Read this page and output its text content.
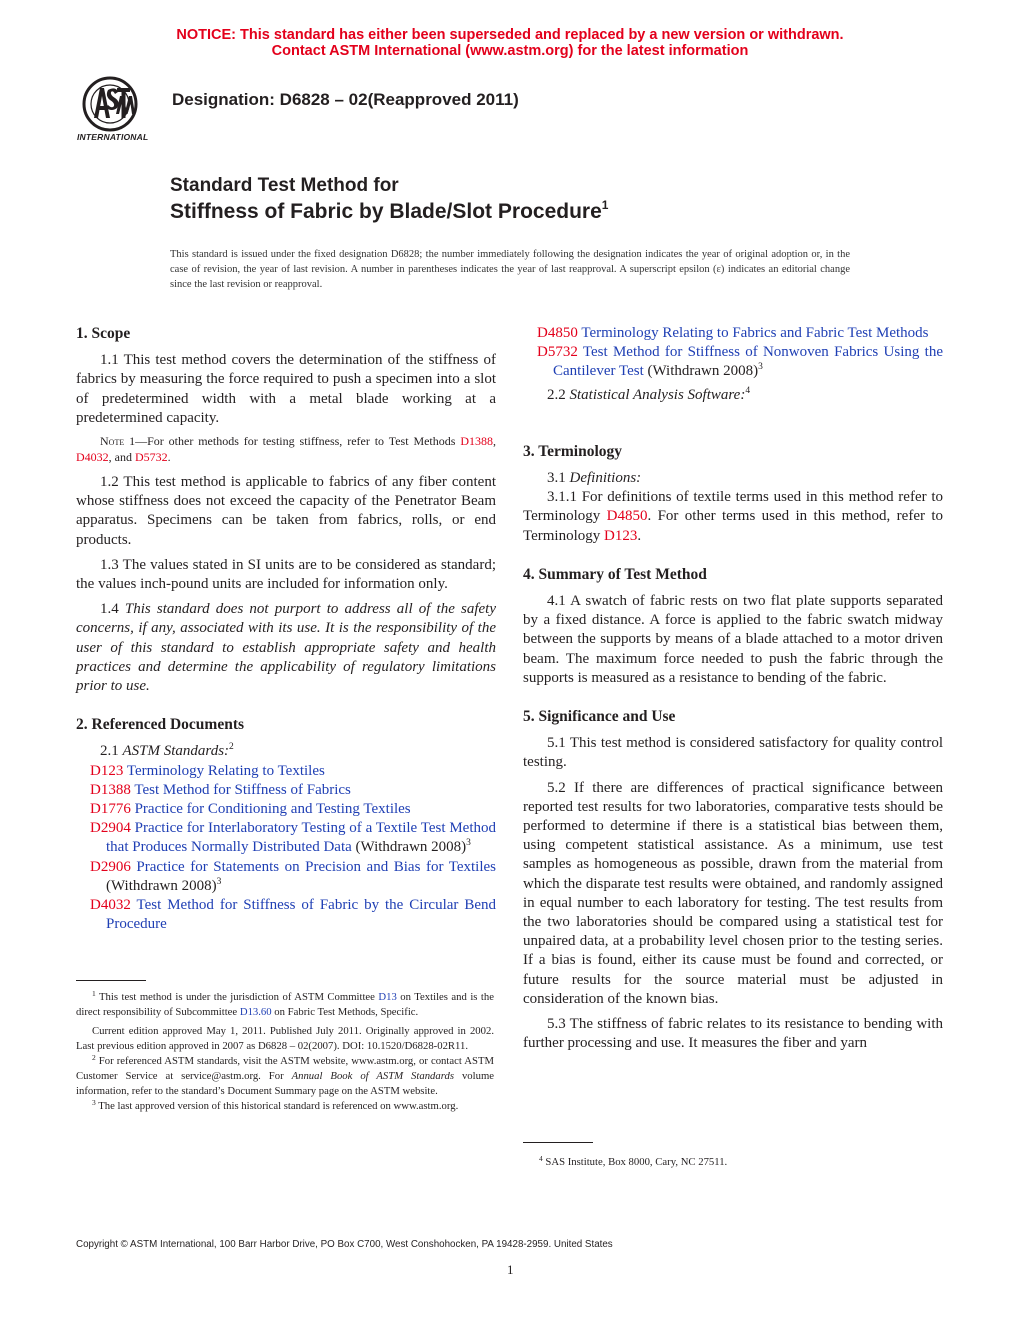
NOTICE: This standard has either been superseded and replaced by a new version or withdrawn.
Contact ASTM International (www.astm.org) for the latest information
INTERNATIONAL
Designation: D6828 – 02(Reapproved 2011)
Standard Test Method for
Stiffness of Fabric by Blade/Slot Procedure$^1$
This standard is issued under the fixed designation D6828; the number immediately following the designation indicates the year of original adoption or, in the case of revision, the year of last revision. A number in parentheses indicates the year of last reapproval. A superscript epsilon (ε) indicates an editorial change since the last revision or reapproval.
1. Scope

1.1 This test method covers the determination of the stiffness of fabrics by measuring the force required to push a specimen into a slot of predetermined width with a metal blade working at a predetermined capacity.

Note 1—For other methods for testing stiffness, refer to Test Methods D1388, D4032, and D5732.

1.2 This test method is applicable to fabrics of any fiber content whose stiffness does not exceed the capacity of the Penetrator Beam apparatus. Specimens can be taken from fabrics, rolls, or end products.

1.3 The values stated in SI units are to be considered as standard; the values inch-pound units are included for information only.

1.4 This standard does not purport to address all of the safety concerns, if any, associated with its use. It is the responsibility of the user of this standard to establish appropriate safety and health practices and determine the applicability of regulatory limitations prior to use.

2. Referenced Documents

2.1 ASTM Standards:$^2$

D123 Terminology Relating to Textiles
D1388 Test Method for Stiffness of Fabrics
D1776 Practice for Conditioning and Testing Textiles
D2904 Practice for Interlaboratory Testing of a Textile Test Method that Produces Normally Distributed Data (Withdrawn 2008)$^3$
D2906 Practice for Statements on Precision and Bias for Textiles (Withdrawn 2008)$^3$
D4032 Test Method for Stiffness of Fabric by the Circular Bend Procedure
D4850 Terminology Relating to Fabrics and Fabric Test Methods
D5732 Test Method for Stiffness of Nonwoven Fabrics Using the Cantilever Test (Withdrawn 2008)$^3$

2.2 Statistical Analysis Software:$^4$

3. Terminology

3.1 Definitions:

3.1.1 For definitions of textile terms used in this method refer to Terminology D4850. For other terms used in this method, refer to Terminology D123.

4. Summary of Test Method

4.1 A swatch of fabric rests on two flat plate supports separated by a fixed distance. A force is applied to the fabric swatch midway between the supports by means of a blade attached to a motor driven beam. The maximum force needed to push the fabric through the supports is measured as a resistance to bending of the fabric.

5. Significance and Use

5.1 This test method is considered satisfactory for quality control testing.

5.2 If there are differences of practical significance between reported test results for two laboratories, comparative tests should be performed to determine if there is a statistical bias between them, using competent statistical assistance. As a minimum, use test samples as homogeneous as possible, drawn from the material from which the disparate test results were obtained, and randomly assigned in equal number to each laboratory for testing. The test results from the two laboratories should be compared using a statistical test for unpaired data, at a probability level chosen prior to the testing series. If a bias is found, either its cause must be found and corrected, or future results for the source material must be adjusted in consideration of the known bias.

5.3 The stiffness of fabric relates to its resistance to bending with further processing and use. It measures the fiber and yarn

$^1$ This test method is under the jurisdiction of ASTM Committee D13 on Textiles and is the direct responsibility of Subcommittee D13.60 on Fabric Test Methods, Specific.

Current edition approved May 1, 2011. Published July 2011. Originally approved in 2002. Last previous edition approved in 2007 as D6828 – 02(2007). DOI: 10.1520/D6828-02R11.

$^2$ For referenced ASTM standards, visit the ASTM website, www.astm.org, or contact ASTM Customer Service at service@astm.org. For Annual Book of ASTM Standards volume information, refer to the standard’s Document Summary page on the ASTM website.

$^3$ The last approved version of this historical standard is referenced on www.astm.org.

$^4$ SAS Institute, Box 8000, Cary, NC 27511.

Copyright © ASTM International, 100 Barr Harbor Drive, PO Box C700, West Conshohocken, PA 19428-2959. United States
1
